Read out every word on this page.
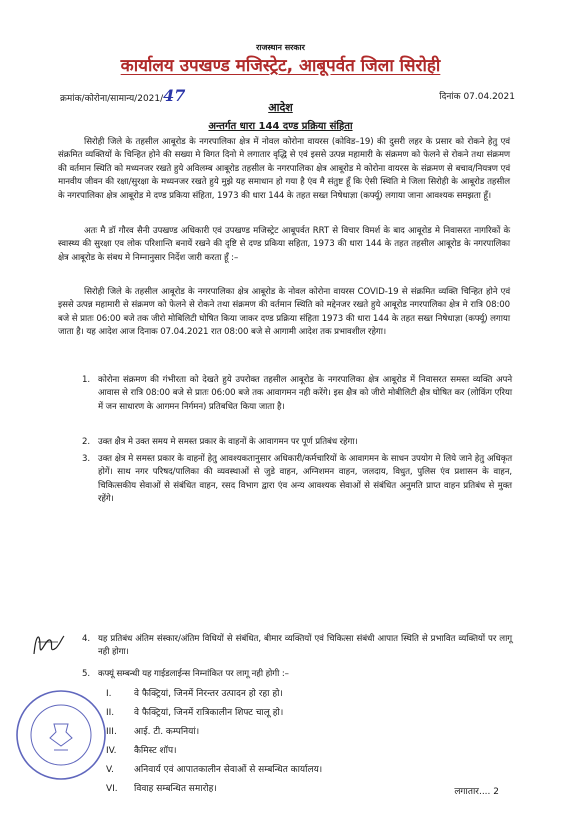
राजस्थान सरकार
कार्यालय उपखण्ड मजिस्ट्रेट, आबूपर्वत जिला सिरोही
क्रमांक/कोरोना/सामान्य/2021/47	दिनांक 07.04.2021
आदेश
अन्तर्गत धारा 144 दण्ड प्रक्रिया संहिता
सिरोही जिले के तहसील आबूरोड के नगरपालिका क्षेत्र में नोवल कोरोना वायरस (कोविड–19) की दुसरी लहर के प्रसार को रोकने हेतु एवं संक्रमित व्यक्तियों के चिन्हित होने की सख्या मे विगत दिनो मे लगातार वृद्धि से एवं इससे उत्पन्न महामारी के संक्रमण को फेलने से रोकने तथा संक्रमण की वर्तमान स्थिति को मध्यनजर रखते हुये अविलम्ब आबूरोड तहसील के नगरपालिका क्षेत्र आबूरोड मे कोरोना वायरस के संक्रमण से बचाव/नियत्रण एवं मानवीय जीवन की रक्षा/सुरक्षा के मध्यनजर रखते हुये मुझे यह समाधान हो गया है एंव मै संतुष्ट हूँ कि ऐसी स्थिति मे जिला सिरोही के आबूरोड तहसील के नगरपालिका क्षेत्र आबूरोड मे दण्ड प्रकिया संहिता, 1973 की धारा 144 के तहत सख्त निषेधाज्ञा (कर्फ्यू) लगाया जाना आवश्यक समझता हूँ।
अतः मै डॉ गौरव सैनी उपखण्ड अधिकारी एवं उपखण्ड मजिस्ट्रेट आबूपर्वत RRT से विचार विमर्श के बाद आबूरोड मे निवासरत नागरिकों के स्वास्थ्य की सुरक्षा एव लोक परिशान्ति बनायें रखने की दृष्टि से दण्ड प्रकिया सहिता, 1973 की धारा 144 के तहत तहसील आबूरोड के नगरपालिका क्षेत्र आबूरोड के संबध मे निम्नानुसार निर्देश जारी करता हूँ :–
सिरोही जिले के तहसील आबूरोड के नगरपालिका क्षेत्र आबूरोड के नोवल कोरोना वायरस COVID-19 से संक्रमित व्यक्ति चिन्हित होने एवं इससे उत्पन्न महामारी से संक्रमण को फेलने से रोकने तथा संक्रमण की वर्तमान स्थिति को मद्देनजर रखते हुये आबूरोड नगरपालिका क्षेत्र मे रात्रि 08:00 बजे से प्रातः 06:00 बजे तक जीरो मोबिलिटी घोषित किया जाकर दण्ड प्रक्रिया संहिता 1973 की धारा 144 के तहत सख्त निषेधाज्ञा (कर्फ्यू) लगाया जाता है। यह आदेश आज दिनाक 07.04.2021 रात 08:00 बजे से आगामी आदेश तक प्रभावशील रहेगा।
1. कोरोना संक्रमण की गंभीरता को देखते हुये उपरोक्त तहसील आबूरोड के नगरपालिका क्षेत्र आबूरोड में निवासरत समस्त व्यक्ति अपने आवास से रात्रि 08:00 बजे से प्रातः 06:00 बजे तक आवागमन नही करेंगे। इस क्षैत्र को जीरो मोबीलिटी क्षैत्र घोषित कर (लोकिंग एरिया में जन साधारण के आगमन निर्गमन) प्रतिबधित किया जाता है।
2. उक्त क्षैत्र मे उक्त समय मे समस्त प्रकार के वाहनों के आवागमन पर पूर्ण प्रतिबंध रहेगा।
3. उक्त क्षेत्र मे समस्त प्रकार के वाहनों हेतु आवश्यकतानुसार अधिकारी/कर्मचारियों के आवागमन के साधन उपयोग मे लिये जाने हेतु अधिकृत होगें। साथ नगर परिषद/पालिका की व्यवस्थाओं से जुडे वाहन, अग्निशमन वाहन, जलदाय, विधुत, पुलिस एंव प्रशासन के वाहन, चिकित्सकीय सेवाओं से संबंधित वाहन, रसद विभाग द्वारा एंव अन्य आवश्यक सेवाओं से संबंधित अनुमति प्राप्त वाहन प्रतिबंध से मुक्त रहेंगे।
4. यह प्रतिबंध अंतिम संस्कार/अंतिम विधियों से संबंधित, बीमार व्यक्तियों एवं चिकित्सा संबंधी आपात स्थिति से प्रभावित व्यक्तियों पर लागू नही होगा।
5. कफ्यूं सम्बन्धी यह गाईडलाईन्स निम्नांकित पर लागू नही होगी :–
I. वे फैक्ट्रियां, जिनमें निरन्तर उत्पादन हो रहा हो।
II. वे फैक्ट्रियां, जिनमें रात्रिकालीन शिफ्ट चालू हो।
III. आई. टी. कम्पनियां।
IV. कैमिस्ट शॉप।
V. अनिवार्य एवं आपातकालीन सेवाओं से सम्बन्धित कार्यालय।
VI. विवाह सम्बन्धित समारोह।	लगातार.... 2
